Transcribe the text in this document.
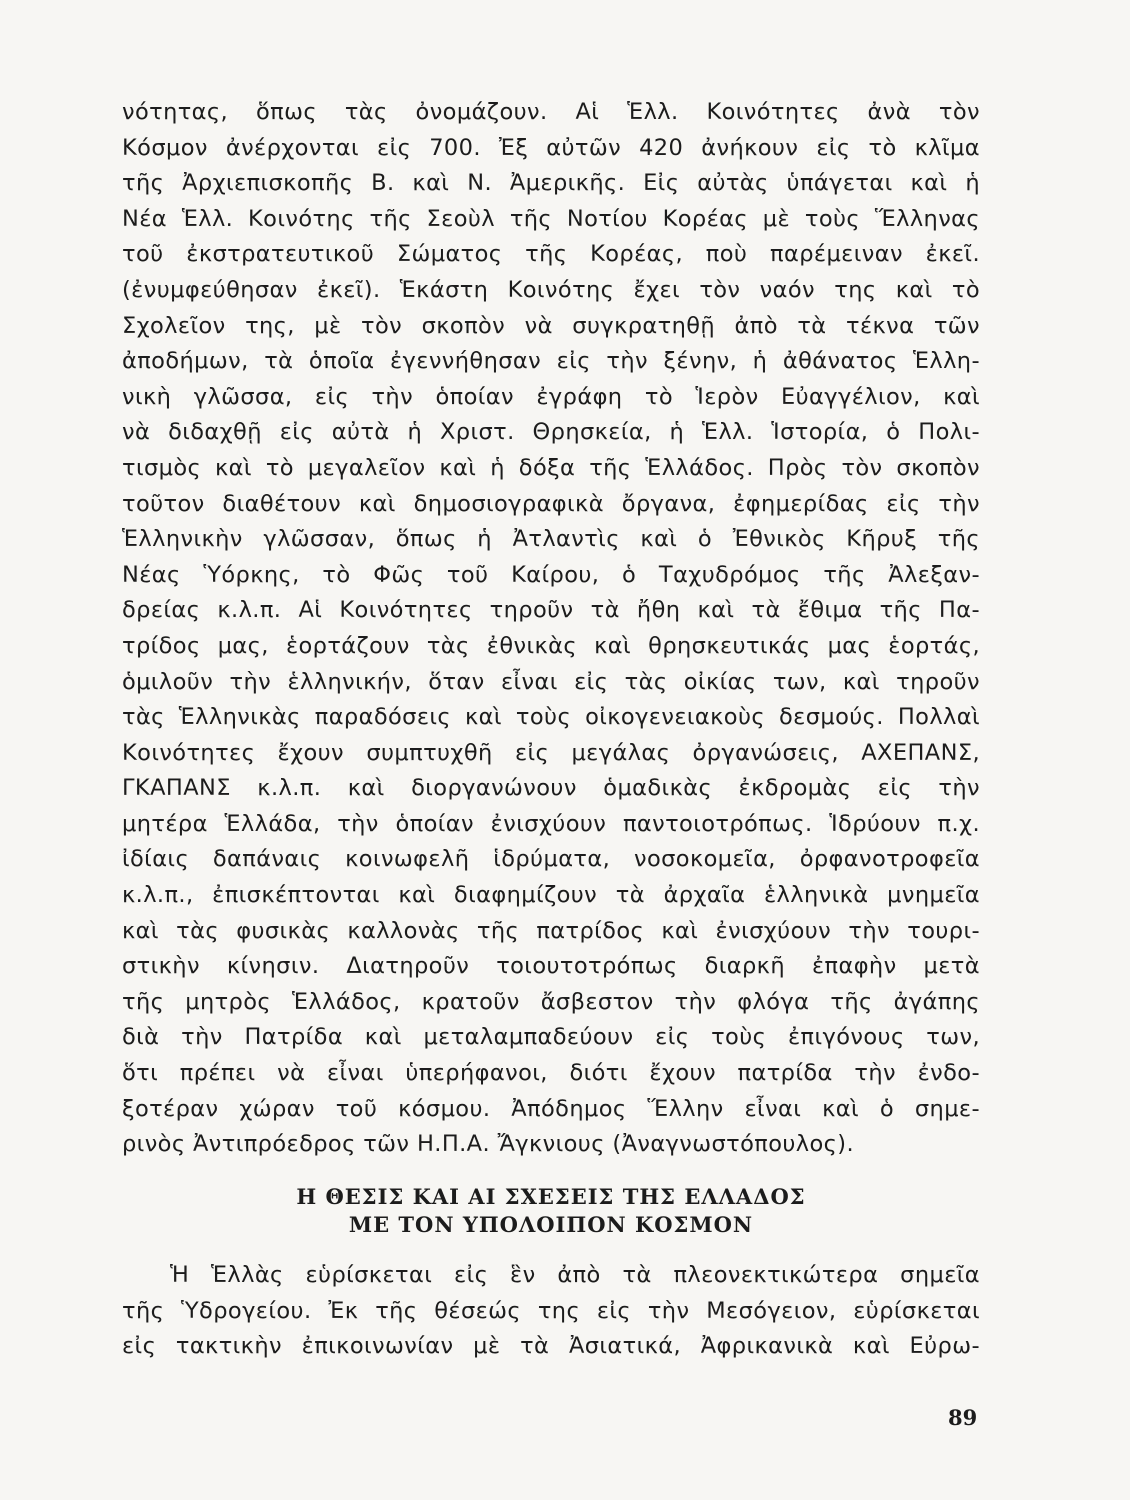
νότητας, ὅπως τὰς ὀνομάζουν. Αἱ Ἑλλ. Κοινότητες ἀνὰ τὸν
Κόσμον ἀνέρχονται εἰς 700. Ἐξ αὐτῶν 420 ἀνήκουν εἰς τὸ κλῖμα
τῆς Ἀρχιεπισκοπῆς Β. καὶ Ν. Ἀμερικῆς. Εἰς αὐτὰς ὑπάγεται καὶ ἡ
Νέα Ἑλλ. Κοινότης τῆς Σεοὺλ τῆς Νοτίου Κορέας μὲ τοὺς Ἕλληνας
τοῦ ἐκστρατευτικοῦ Σώματος τῆς Κορέας, ποὺ παρέμειναν ἐκεῖ.
(ἐνυμφεύθησαν ἐκεῖ). Ἑκάστη Κοινότης ἔχει τὸν ναόν της καὶ τὸ
Σχολεῖον της, μὲ τὸν σκοπὸν νὰ συγκρατηθῇ ἀπὸ τὰ τέκνα τῶν
ἀποδήμων, τὰ ὁποῖα ἐγεννήθησαν εἰς τὴν ξένην, ἡ ἀθάνατος Ἑλλη-
νικὴ γλῶσσα, εἰς τὴν ὁποίαν ἐγράφη τὸ Ἱερὸν Εὐαγγέλιον, καὶ
νὰ διδαχθῇ εἰς αὐτὰ ἡ Χριστ. Θρησκεία, ἡ Ἑλλ. Ἱστορία, ὁ Πολι-
τισμὸς καὶ τὸ μεγαλεῖον καὶ ἡ δόξα τῆς Ἑλλάδος. Πρὸς τὸν σκοπὸν
τοῦτον διαθέτουν καὶ δημοσιογραφικὰ ὄργανα, ἐφημερίδας εἰς τὴν
Ἑλληνικὴν γλῶσσαν, ὅπως ἡ Ἀτλαντὶς καὶ ὁ Ἐθνικὸς Κῆρυξ τῆς
Νέας Ὑόρκης, τὸ Φῶς τοῦ Καίρου, ὁ Ταχυδρόμος τῆς Ἀλεξαν-
δρείας κ.λ.π. Αἱ Κοινότητες τηροῦν τὰ ἤθη καὶ τὰ ἔθιμα τῆς Πα-
τρίδος μας, ἑορτάζουν τὰς ἐθνικὰς καὶ θρησκευτικάς μας ἑορτάς,
ὁμιλοῦν τὴν ἑλληνικήν, ὅταν εἶναι εἰς τὰς οἰκίας των, καὶ τηροῦν
τὰς Ἑλληνικὰς παραδόσεις καὶ τοὺς οἰκογενειακοὺς δεσμούς. Πολλαὶ
Κοινότητες ἔχουν συμπτυχθῆ εἰς μεγάλας ὀργανώσεις, ΑΧΕΠΑΝΣ,
ΓΚΑΠΑΝΣ κ.λ.π. καὶ διοργανώνουν ὁμαδικὰς ἐκδρομὰς εἰς τὴν
μητέρα Ἑλλάδα, τὴν ὁποίαν ἐνισχύουν παντοιοτρόπως. Ἱδρύουν π.χ.
ἰδίαις δαπάναις κοινωφελῆ ἱδρύματα, νοσοκομεῖα, ὀρφανοτροφεῖα
κ.λ.π., ἐπισκέπτονται καὶ διαφημίζουν τὰ ἀρχαῖα ἑλληνικὰ μνημεῖα
καὶ τὰς φυσικὰς καλλονὰς τῆς πατρίδος καὶ ἐνισχύουν τὴν τουρι-
στικὴν κίνησιν. Διατηροῦν τοιουτοτρόπως διαρκῆ ἐπαφὴν μετὰ
τῆς μητρὸς Ἑλλάδος, κρατοῦν ἄσβεστον τὴν φλόγα τῆς ἀγάπης
διὰ τὴν Πατρίδα καὶ μεταλαμπαδεύουν εἰς τοὺς ἐπιγόνους των,
ὅτι πρέπει νὰ εἶναι ὑπερήφανοι, διότι ἔχουν πατρίδα τὴν ἐνδο-
ξοτέραν χώραν τοῦ κόσμου. Ἀπόδημος Ἕλλην εἶναι καὶ ὁ σημε-
ρινὸς Ἀντιπρόεδρος τῶν Η.Π.Α. Ἄγκνιους (Ἀναγνωστόπουλος).
Η ΘΕΣΙΣ ΚΑΙ ΑΙ ΣΧΕΣΕΙΣ ΤΗΣ ΕΛΛΑΔΟΣ
ΜΕ ΤΟΝ ΥΠΟΛΟΙΠΟΝ ΚΟΣΜΟΝ
Ἡ Ἑλλὰς εὑρίσκεται εἰς ἓν ἀπὸ τὰ πλεονεκτικώτερα σημεῖα
τῆς Ὑδρογείου. Ἐκ τῆς θέσεώς της εἰς τὴν Μεσόγειον, εὑρίσκεται
εἰς τακτικὴν ἐπικοινωνίαν μὲ τὰ Ἀσιατικά, Ἀφρικανικὰ καὶ Εὐρω-
89
